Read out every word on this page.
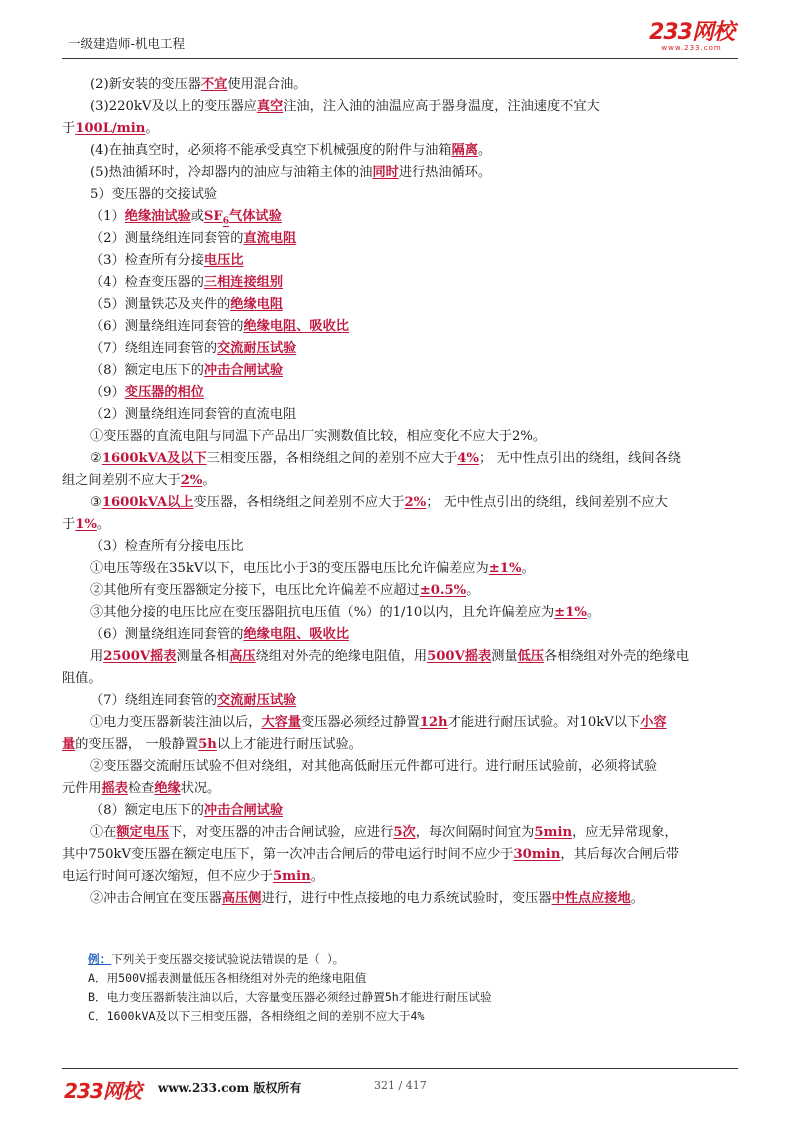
一级建造师-机电工程	233网校
www.233.com
(2)新安装的变压器不宜使用混合油。
(3)220kV及以上的变压器应真空注油，注入油的油温应高于器身温度，注油速度不宜大
于100L/min。
(4)在抽真空时，必须将不能承受真空下机械强度的附件与油箱隔离。
(5)热油循环时，冷却器内的油应与油箱主体的油同时进行热油循环。
5）变压器的交接试验
（1）绝缘油试验或$SF_6$气体试验
（2）测量绕组连同套管的直流电阻
（3）检查所有分接电压比
（4）检查变压器的三相连接组别
（5）测量铁芯及夹件的绝缘电阻
（6）测量绕组连同套管的绝缘电阻、吸收比
（7）绕组连同套管的交流耐压试验
（8）额定电压下的冲击合闸试验
（9）变压器的相位
（2）测量绕组连同套管的直流电阻
①变压器的直流电阻与同温下产品出厂实测数值比较，相应变化不应大于2%。
②1600kVA及以下三相变压器，各相绕组之间的差别不应大于4%； 无中性点引出的绕组，线间各绕
组之间差别不应大于2%。
③1600kVA以上变压器，各相绕组之间差别不应大于2%； 无中性点引出的绕组，线间差别不应大
于1%。
（3）检查所有分接电压比
①电压等级在35kV以下，电压比小于3的变压器电压比允许偏差应为±1%。
②其他所有变压器额定分接下，电压比允许偏差不应超过±0.5%。
③其他分接的电压比应在变压器阻抗电压值（%）的1/10以内，且允许偏差应为±1%。
（6）测量绕组连同套管的绝缘电阻、吸收比
用2500V摇表测量各相高压绕组对外壳的绝缘电阻值，用500V摇表测量低压各相绕组对外壳的绝缘电
阻值。
（7）绕组连同套管的交流耐压试验
①电力变压器新装注油以后，大容量变压器必须经过静置12h才能进行耐压试验。对10kV以下小容
量的变压器， 一般静置5h以上才能进行耐压试验。
②变压器交流耐压试验不但对绕组，对其他高低耐压元件都可进行。进行耐压试验前，必须将试验
元件用摇表检查绝缘状况。
（8）额定电压下的冲击合闸试验
①在额定电压下，对变压器的冲击合闸试验，应进行5次，每次间隔时间宜为5min，应无异常现象，
其中750kV变压器在额定电压下，第一次冲击合闸后的带电运行时间不应少于30min，其后每次合闸后带
电运行时间可逐次缩短，但不应少于5min。
②冲击合闸宜在变压器高压侧进行，进行中性点接地的电力系统试验时，变压器中性点应接地。
例：下列关于变压器交接试验说法错误的是（ ）。
A．用500V摇表测量低压各相绕组对外壳的绝缘电阻值
B．电力变压器新装注油以后，大容量变压器必须经过静置5h才能进行耐压试验
C．1600kVA及以下三相变压器，各相绕组之间的差别不应大于4%
233网校 www.233.com 版权所有	321 / 417
